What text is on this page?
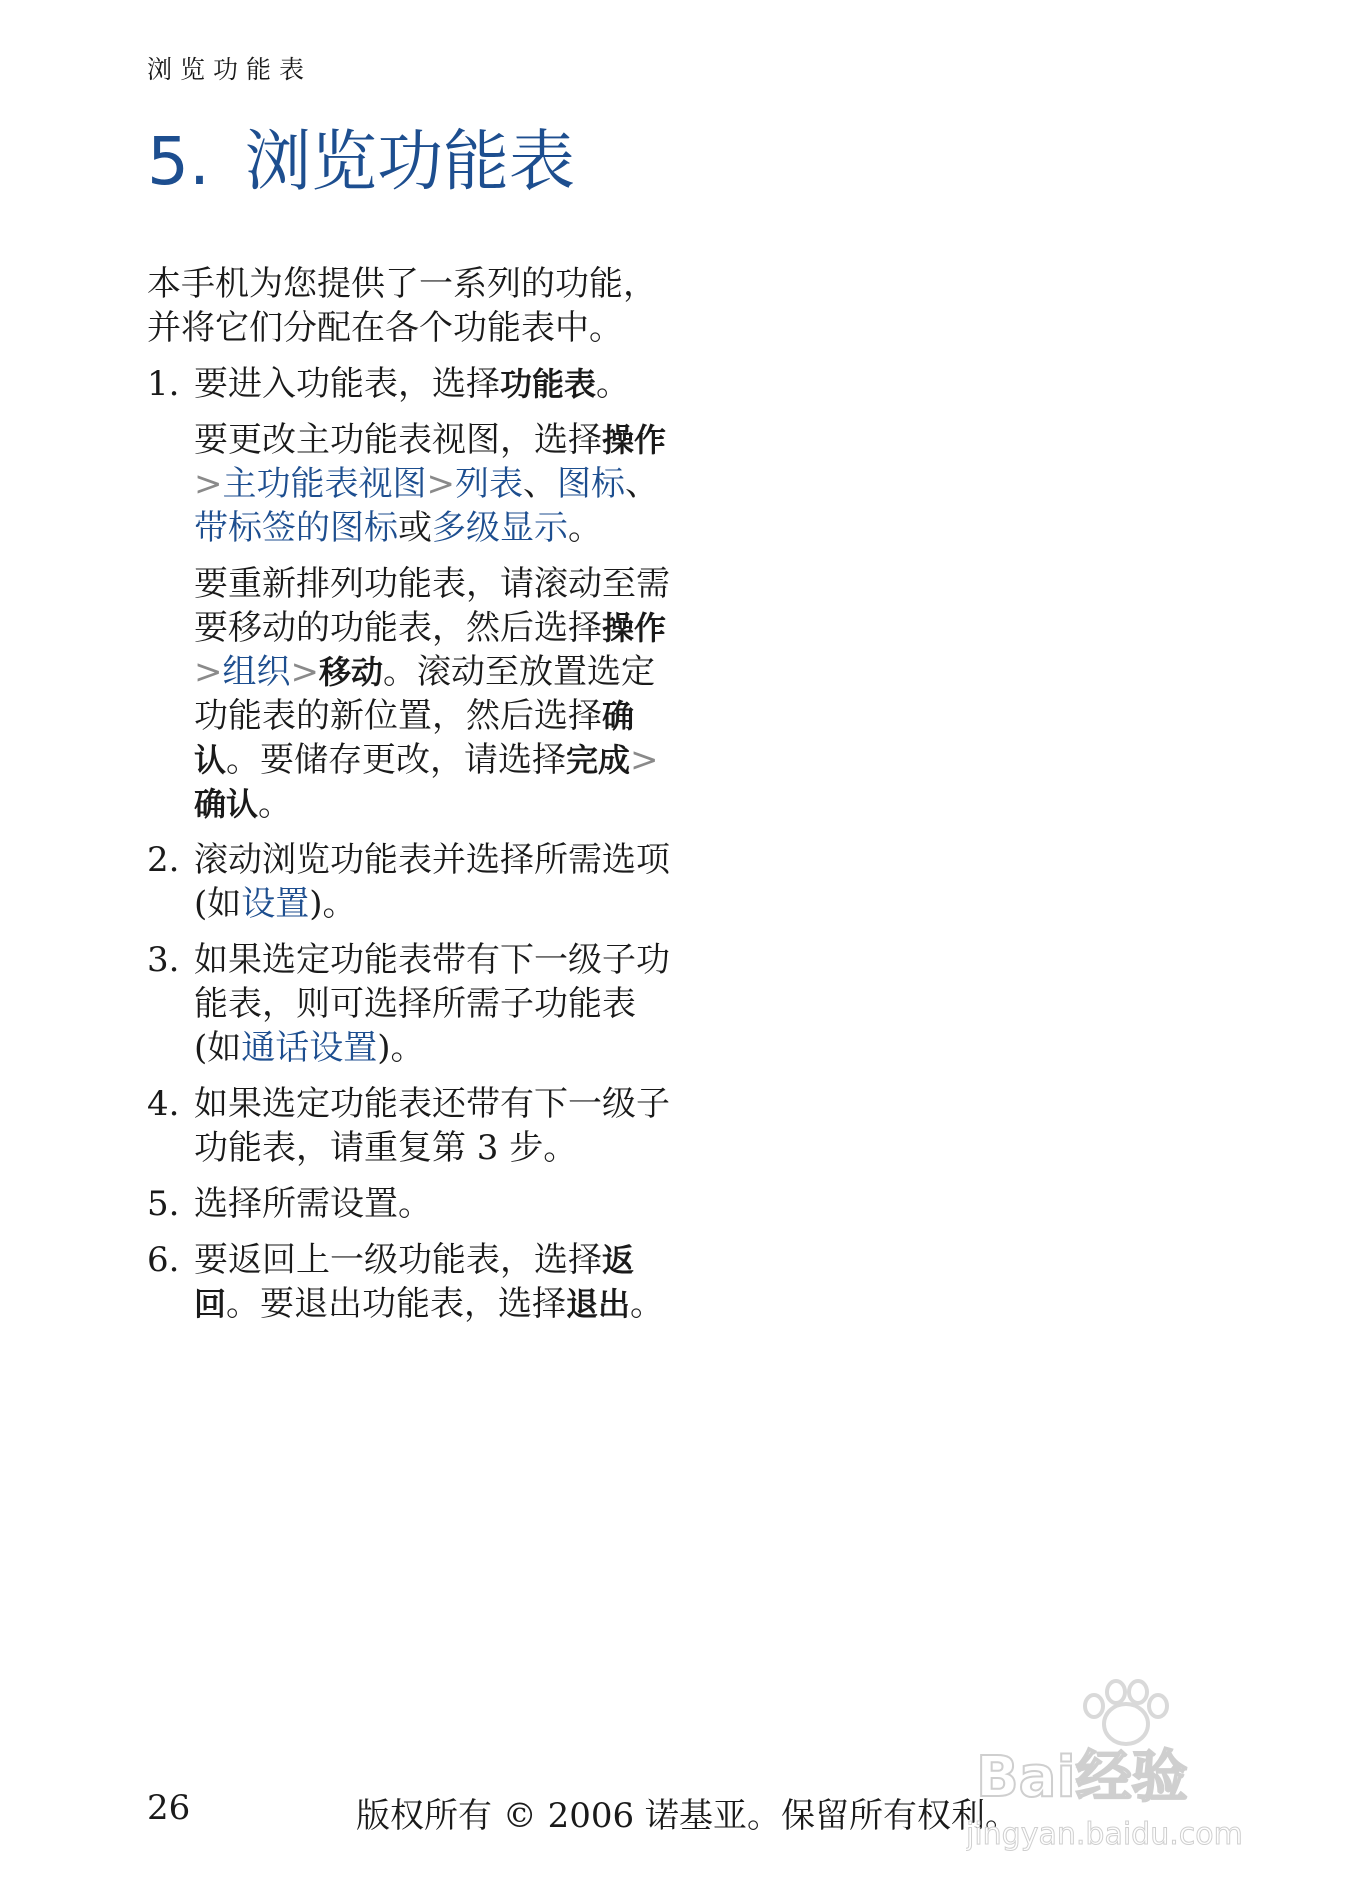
浏览功能表
5. 浏览功能表

本手机为您提供了一系列的功能，并将它们分配在各个功能表中。

1. 要进入功能表，选择功能表。

要更改主功能表视图，选择操作>主功能表视图>列表、图标、带标签的图标或多级显示。

要重新排列功能表，请滚动至需要移动的功能表，然后选择操作>组织>移动。滚动至放置选定功能表的新位置，然后选择确认。要储存更改，请选择完成>确认。

2. 滚动浏览功能表并选择所需选项 (如设置)。

3. 如果选定功能表带有下一级子功能表，则可选择所需子功能表 (如通话设置)。

4. 如果选定功能表还带有下一级子功能表，请重复第 3 步。

5. 选择所需设置。

6. 要返回上一级功能表，选择返回。要退出功能表，选择退出。

26	版权所有 © 2006 诺基亚。保留所有权利。
Bai经验
jingyan.baidu.com
